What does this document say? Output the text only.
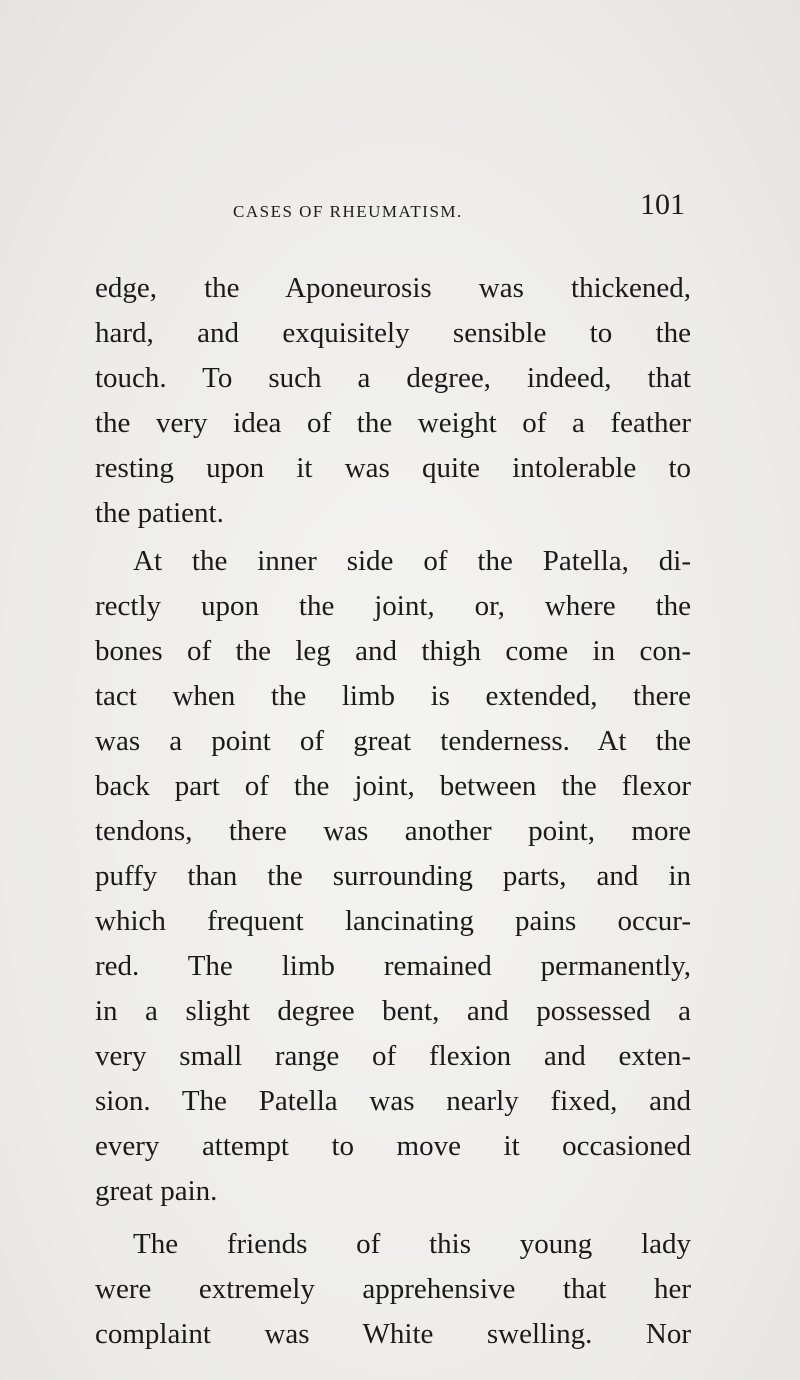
CASES OF RHEUMATISM.	101
edge, the Aponeurosis was thickened,
hard, and exquisitely sensible to the
touch. To such a degree, indeed, that
the very idea of the weight of a feather
resting upon it was quite intolerable to
the patient.
At the inner side of the Patella, di-
rectly upon the joint, or, where the
bones of the leg and thigh come in con-
tact when the limb is extended, there
was a point of great tenderness. At the
back part of the joint, between the flexor
tendons, there was another point, more
puffy than the surrounding parts, and in
which frequent lancinating pains occur-
red. The limb remained permanently,
in a slight degree bent, and possessed a
very small range of flexion and exten-
sion. The Patella was nearly fixed, and
every attempt to move it occasioned
great pain.
The friends of this young lady
were extremely apprehensive that her
complaint was White swelling. Nor
